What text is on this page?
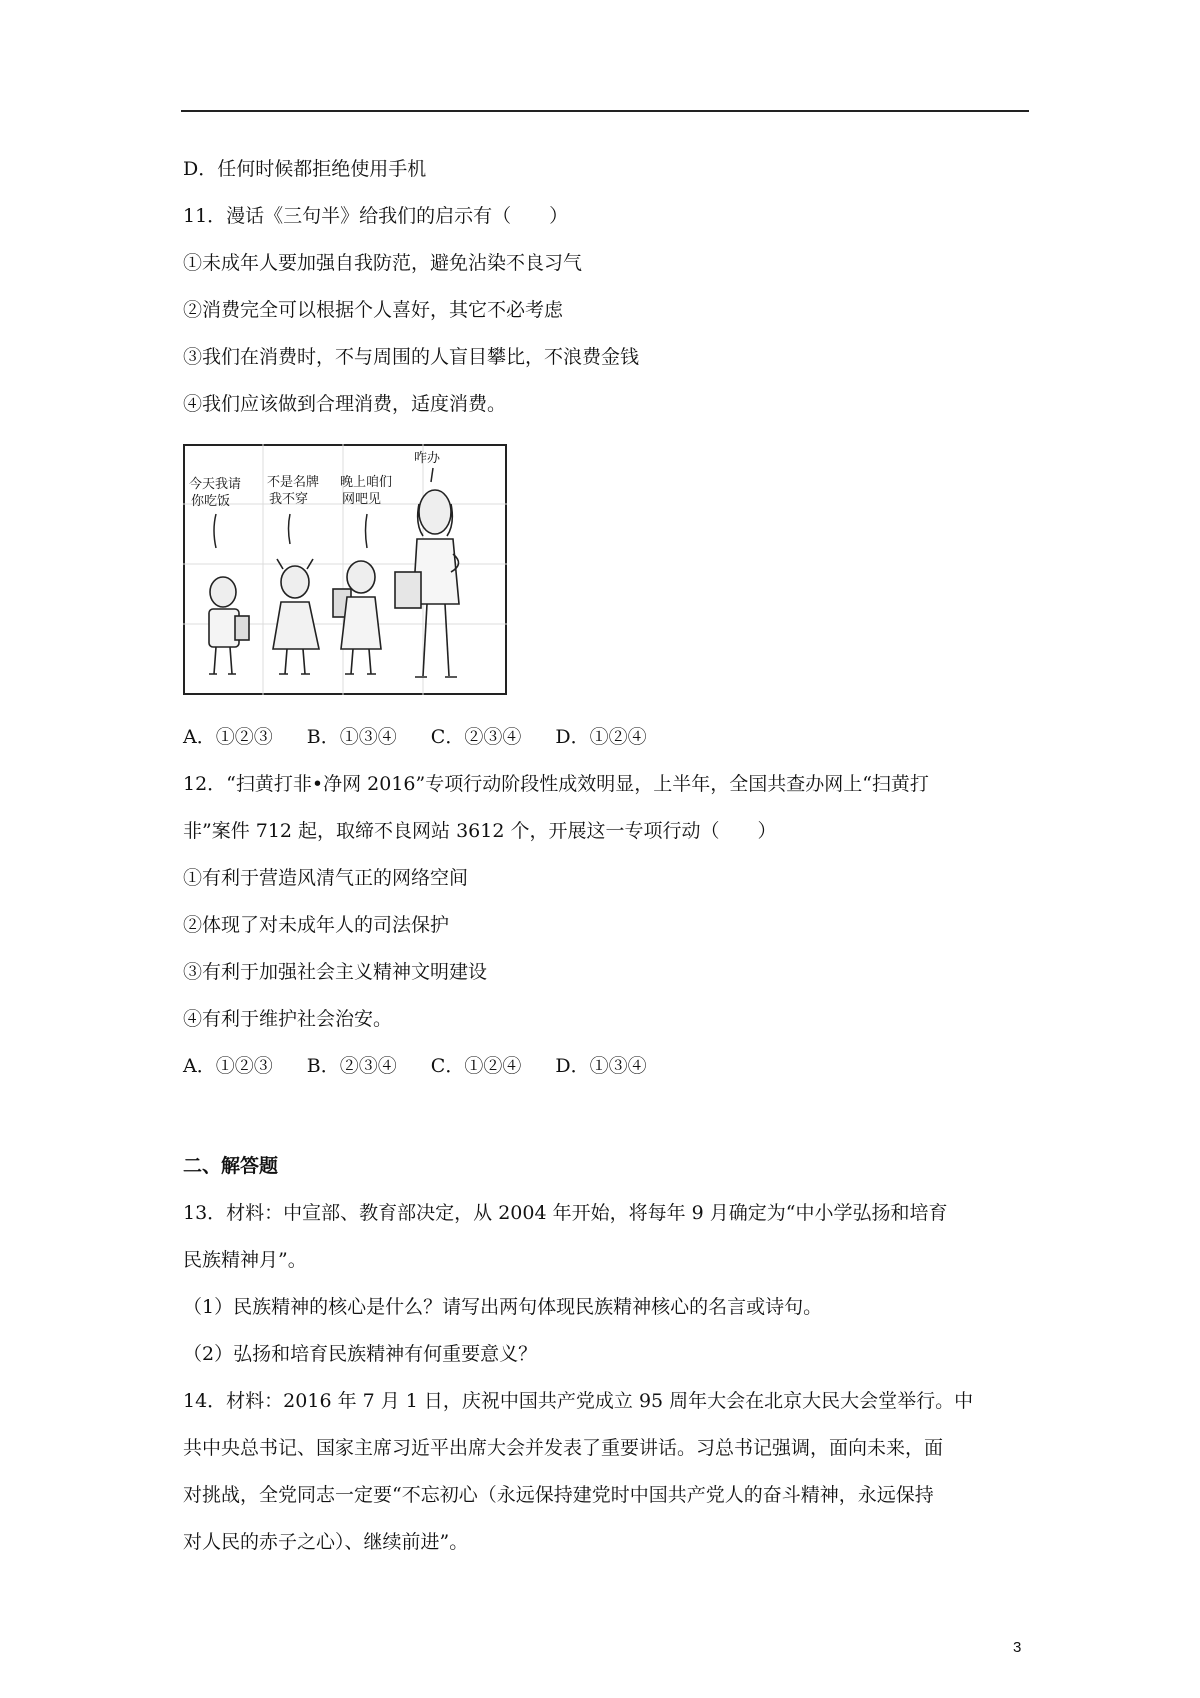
D．任何时候都拒绝使用手机
11．漫话《三句半》给我们的启示有（　　）
①未成年人要加强自我防范，避免沾染不良习气
②消费完全可以根据个人喜好，其它不必考虑
③我们在消费时，不与周围的人盲目攀比，不浪费金钱
④我们应该做到合理消费，适度消费。
今天我请
你吃饭
不是名牌
我不穿
晚上咱们
网吧见
咋办
A．①②③ B．①③④ C．②③④ D．①②④
12．“扫黄打非•净网 2016”专项行动阶段性成效明显，上半年，全国共查办网上“扫黄打
非”案件 712 起，取缔不良网站 3612 个，开展这一专项行动（　　）
①有利于营造风清气正的网络空间
②体现了对未成年人的司法保护
③有利于加强社会主义精神文明建设
④有利于维护社会治安。
A．①②③ B．②③④ C．①②④ D．①③④
二、解答题
13．材料：中宣部、教育部决定，从 2004 年开始，将每年 9 月确定为“中小学弘扬和培育
民族精神月”。
（1）民族精神的核心是什么？请写出两句体现民族精神核心的名言或诗句。
（2）弘扬和培育民族精神有何重要意义？
14．材料：2016 年 7 月 1 日，庆祝中国共产党成立 95 周年大会在北京大民大会堂举行。中
共中央总书记、国家主席习近平出席大会并发表了重要讲话。习总书记强调，面向未来，面
对挑战，全党同志一定要“不忘初心（永远保持建党时中国共产党人的奋斗精神，永远保持
对人民的赤子之心）、继续前进”。
3
